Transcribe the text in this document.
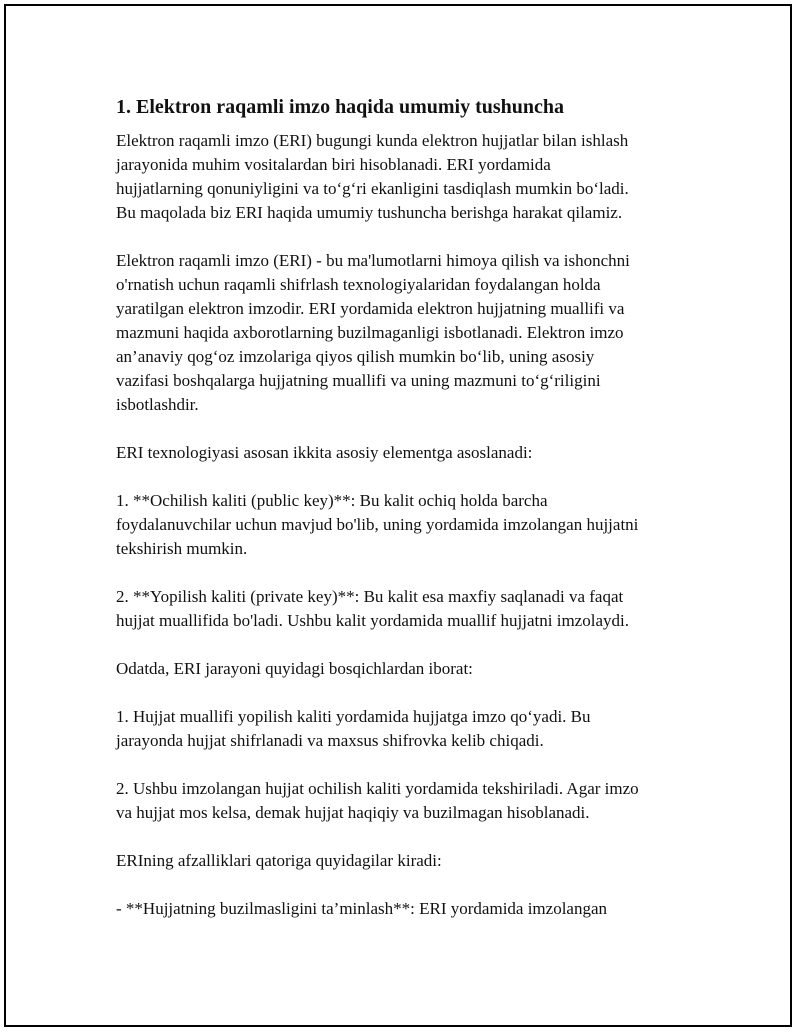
1. Elektron raqamli imzo haqida umumiy tushuncha

Elektron raqamli imzo (ERI) bugungi kunda elektron hujjatlar bilan ishlash
jarayonida muhim vositalardan biri hisoblanadi. ERI yordamida
hujjatlarning qonuniyligini va to‘g‘ri ekanligini tasdiqlash mumkin bo‘ladi.
Bu maqolada biz ERI haqida umumiy tushuncha berishga harakat qilamiz.

Elektron raqamli imzo (ERI) - bu ma'lumotlarni himoya qilish va ishonchni
o'rnatish uchun raqamli shifrlash texnologiyalaridan foydalangan holda
yaratilgan elektron imzodir. ERI yordamida elektron hujjatning muallifi va
mazmuni haqida axborotlarning buzilmaganligi isbotlanadi. Elektron imzo
an’anaviy qog‘oz imzolariga qiyos qilish mumkin bo‘lib, uning asosiy
vazifasi boshqalarga hujjatning muallifi va uning mazmuni to‘g‘riligini
isbotlashdir.

ERI texnologiyasi asosan ikkita asosiy elementga asoslanadi:

1. **Ochilish kaliti (public key)**: Bu kalit ochiq holda barcha
foydalanuvchilar uchun mavjud bo'lib, uning yordamida imzolangan hujjatni
tekshirish mumkin.

2. **Yopilish kaliti (private key)**: Bu kalit esa maxfiy saqlanadi va faqat
hujjat muallifida bo'ladi. Ushbu kalit yordamida muallif hujjatni imzolaydi.

Odatda, ERI jarayoni quyidagi bosqichlardan iborat:

1. Hujjat muallifi yopilish kaliti yordamida hujjatga imzo qo‘yadi. Bu
jarayonda hujjat shifrlanadi va maxsus shifrovka kelib chiqadi.

2. Ushbu imzolangan hujjat ochilish kaliti yordamida tekshiriladi. Agar imzo
va hujjat mos kelsa, demak hujjat haqiqiy va buzilmagan hisoblanadi.

ERIning afzalliklari qatoriga quyidagilar kiradi:

- **Hujjatning buzilmasligini ta’minlash**: ERI yordamida imzolangan
